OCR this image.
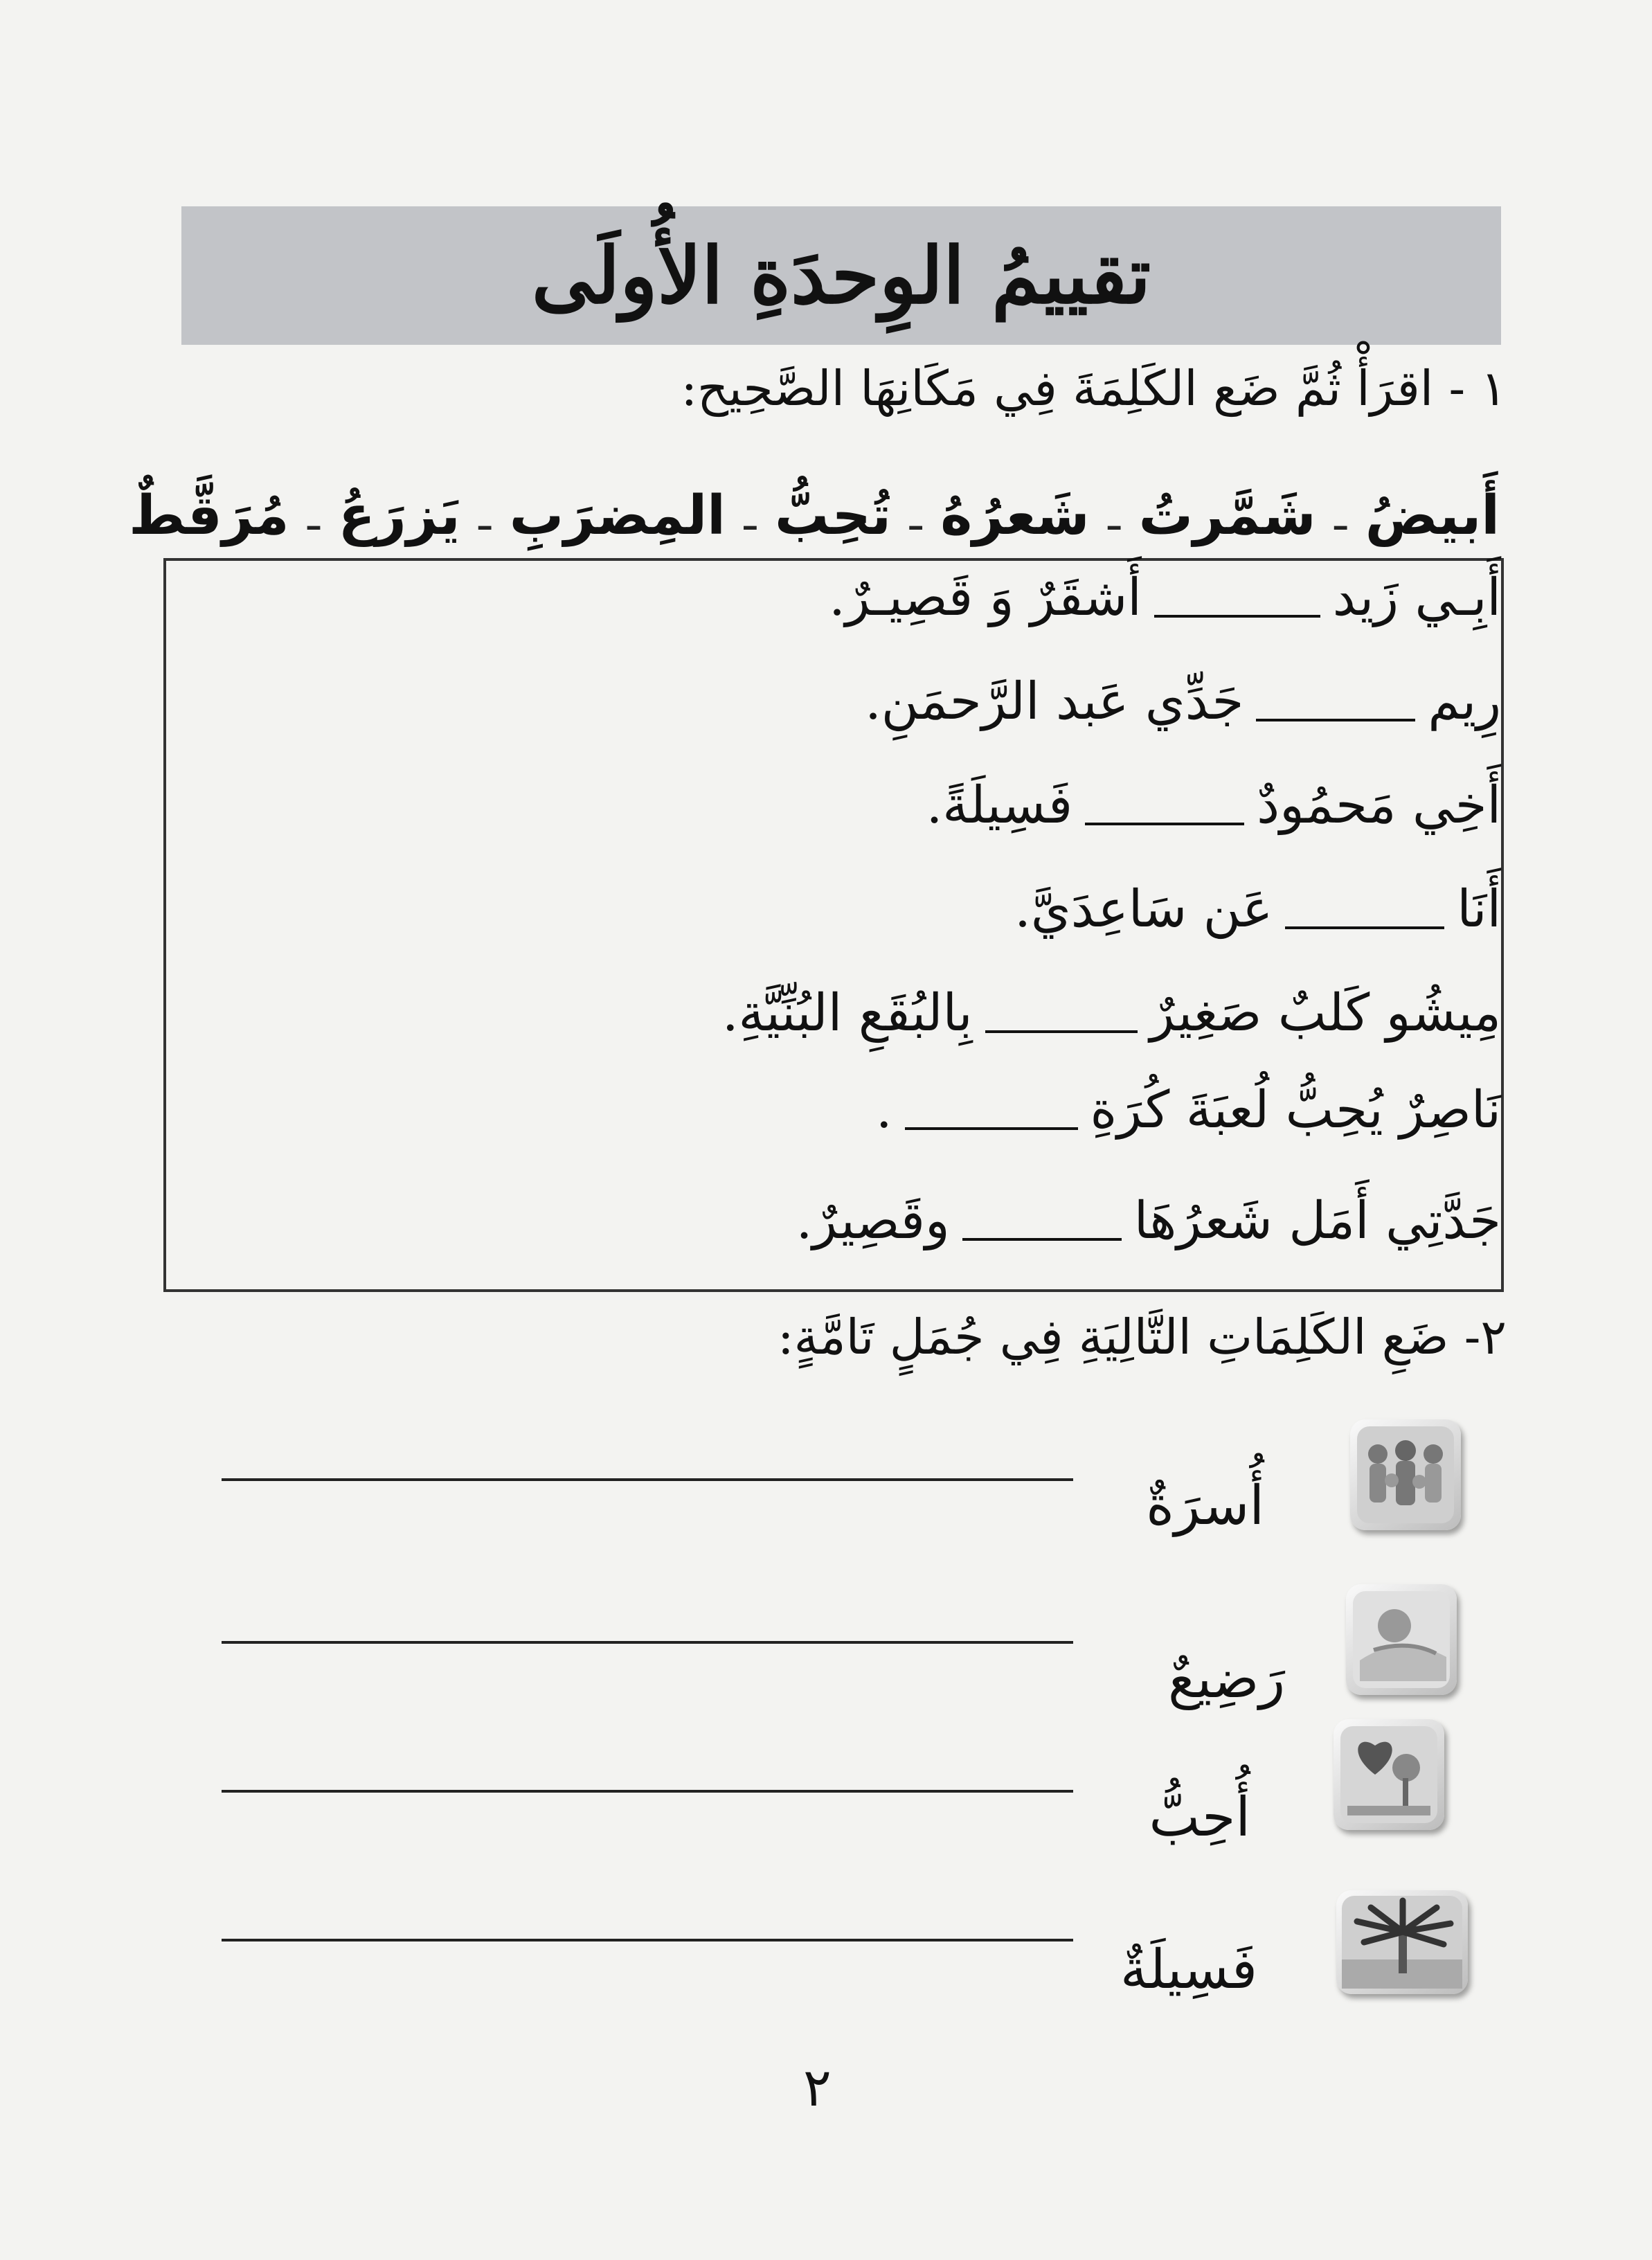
تقييمُ الوِحدَةِ الأُولَى
١ - اقرَأْ ثُمَّ ضَع الكَلِمَةَ فِي مَكَانِهَا الصَّحِيح:
أَبيضُ
ـ
شَمَّرتُ
ـ
شَعرُهُ
ـ
تُحِبُّ
ـ
المِضرَبِ
ـ
يَزرَعُ
ـ
مُرَقَّطٌ
أَبِـي زَيد
أَشقَرٌ وَ قَصِيـرٌ.
رِيم
جَدِّي عَبد الرَّحمَنِ.
أَخِي مَحمُودٌ
فَسِيلَةً.
أَنَا
عَن سَاعِدَيَّ.
مِيشُو كَلبٌ صَغِيرٌ
بِالبُقَعِ البُنِّيَّةِ.
نَاصِرٌ يُحِبُّ لُعبَةَ كُرَةِ
.
جَدَّتِي أَمَل شَعرُهَا
وقَصِيرٌ.
٢- ضَعِ الكَلِمَاتِ التَّالِيَةِ فِي جُمَلٍ تَامَّةٍ:
أُسرَةٌ
رَضِيعٌ
أُحِبُّ
فَسِيلَةٌ
٢
